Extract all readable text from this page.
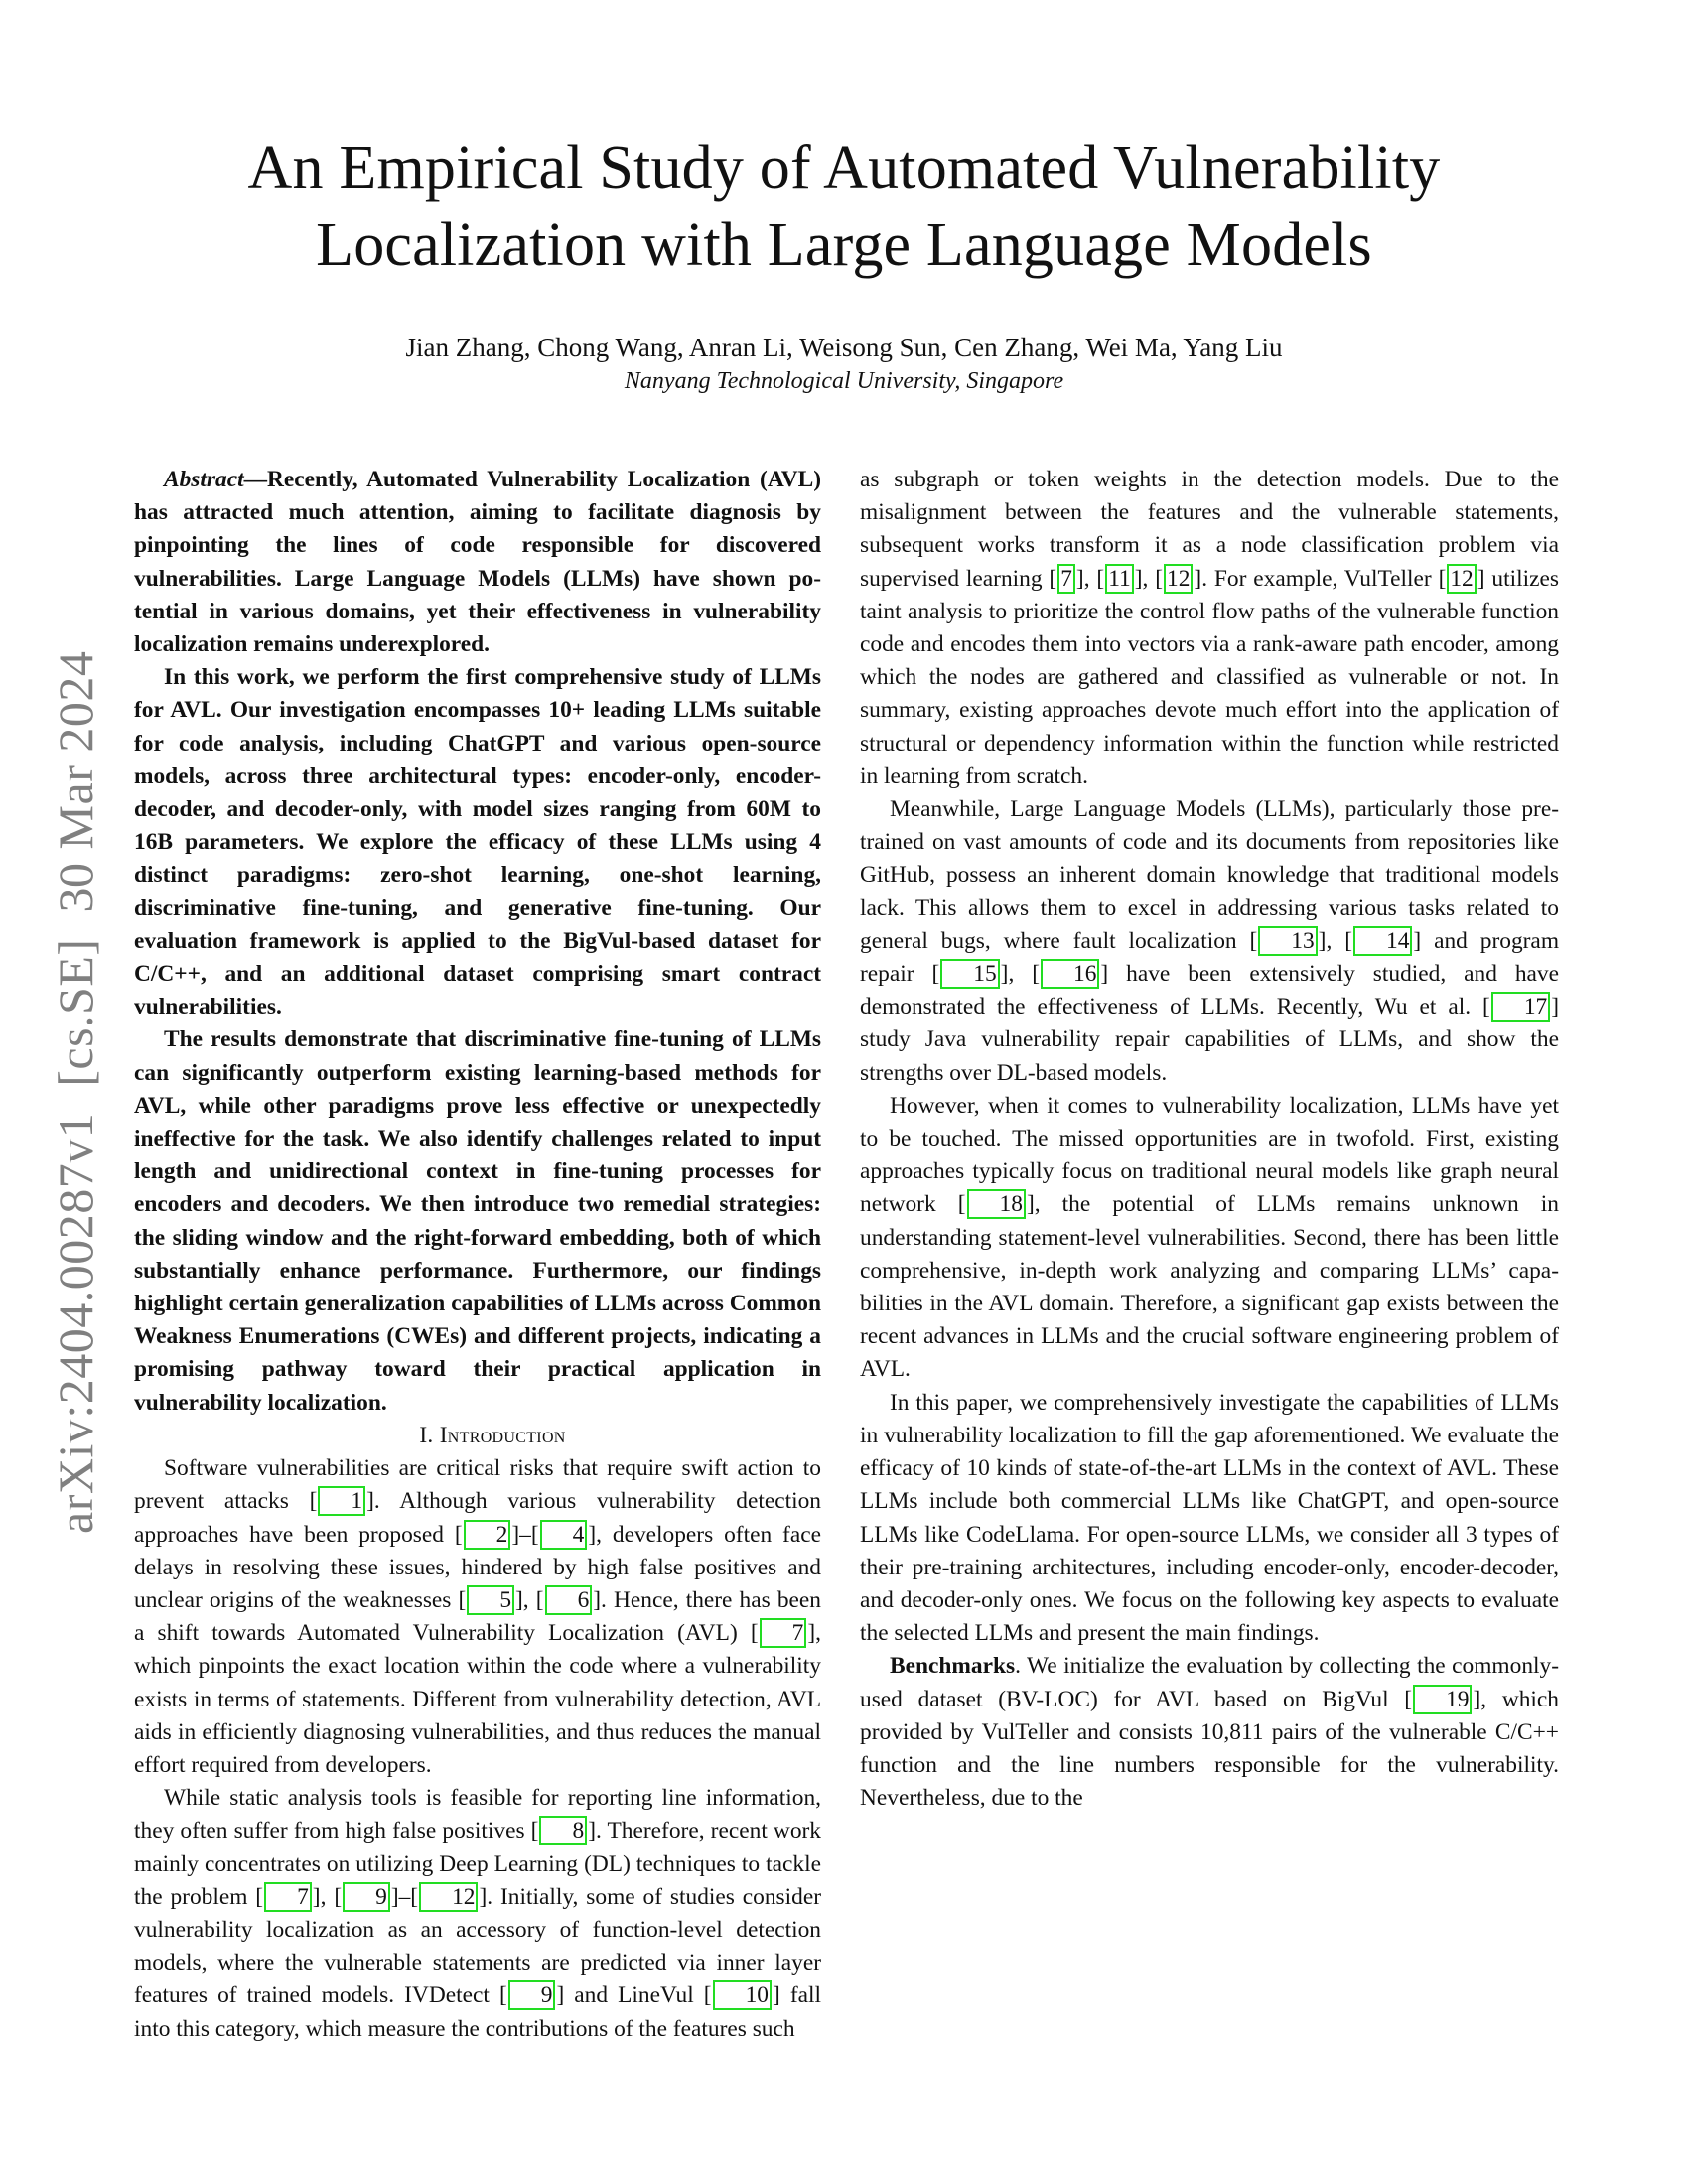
An Empirical Study of Automated Vulnerability
Localization with Large Language Models
Jian Zhang, Chong Wang, Anran Li, Weisong Sun, Cen Zhang, Wei Ma, Yang Liu
Nanyang Technological University, Singapore
arXiv:2404.00287v1[cs.SE]30 Mar 2024

Abstract—Recently, Automated Vulnerability Localization (AVL) has attracted much attention, aiming to facilitate diagnosis by pinpointing the lines of code responsible for discovered vulnerabilities. Large Language Models (LLMs) have shown potential in various domains, yet their effectiveness in vulnerability localization remains underexplored.

In this work, we perform the first comprehensive study of LLMs for AVL. Our investigation encompasses 10+ leading LLMs suitable for code analysis, including ChatGPT and various open-source models, across three architectural types: encoder-only, encoder-decoder, and decoder-only, with model sizes ranging from 60M to 16B parameters. We explore the efficacy of these LLMs using 4 distinct paradigms: zero-shot learning, one-shot learning, discriminative fine-tuning, and generative fine-tuning. Our evaluation framework is applied to the BigVul-based dataset for C/C++, and an additional dataset comprising smart contract vulnerabilities.

The results demonstrate that discriminative fine-tuning of LLMs can significantly outperform existing learning-based methods for AVL, while other paradigms prove less effective or unexpectedly ineffective for the task. We also identify challenges related to input length and unidirectional context in fine-tuning processes for encoders and decoders. We then introduce two remedial strategies: the sliding window and the right-forward embedding, both of which substantially enhance performance. Furthermore, our findings highlight certain generalization capabilities of LLMs across Common Weakness Enumerations (CWEs) and different projects, indicating a promising pathway toward their practical application in vulnerability localization.

I. Introduction

Software vulnerabilities are critical risks that require swift action to prevent attacks [ 1 ]. Although various vulnerability detection approaches have been proposed [ 2 ]–[ 4 ], developers often face delays in resolving these issues, hindered by high false positives and unclear origins of the weaknesses [ 5 ], [ 6 ]. Hence, there has been a shift towards Automated Vulnerability Localization (AVL) [ 7 ], which pinpoints the exact location within the code where a vulnerability exists in terms of statements. Different from vulnerability detection, AVL aids in efficiently diagnosing vulnerabilities, and thus reduces the manual effort required from developers.

While static analysis tools is feasible for reporting line information, they often suffer from high false positives [ 8 ]. Therefore, recent work mainly concentrates on utilizing Deep Learning (DL) techniques to tackle the problem [ 7 ], [ 9 ]–[ 12 ]. Initially, some of studies consider vulnerability localization as an accessory of function-level detection models, where the vulnerable statements are predicted via inner layer features of trained models. IVDetect [ 9 ] and LineVul [ 10 ] fall into this category, which measure the contributions of the features such

as subgraph or token weights in the detection models. Due to the misalignment between the features and the vulnerable statements, subsequent works transform it as a node classification problem via supervised learning [ 7 ], [ 11 ], [ 12 ]. For example, VulTeller [ 12 ] utilizes taint analysis to prioritize the control flow paths of the vulnerable function code and encodes them into vectors via a rank-aware path encoder, among which the nodes are gathered and classified as vulnerable or not. In summary, existing approaches devote much effort into the application of structural or dependency information within the function while restricted in learning from scratch.

Meanwhile, Large Language Models (LLMs), particularly those pre-trained on vast amounts of code and its documents from repositories like GitHub, possess an inherent domain knowledge that traditional models lack. This allows them to excel in addressing various tasks related to general bugs, where fault localization [ 13 ], [ 14 ] and program repair [ 15 ], [ 16 ] have been extensively studied, and have demonstrated the effectiveness of LLMs. Recently, Wu et al. [ 17 ] study Java vulnerability repair capabilities of LLMs, and show the strengths over DL-based models.

However, when it comes to vulnerability localization, LLMs have yet to be touched. The missed opportunities are in twofold. First, existing approaches typically focus on traditional neural models like graph neural network [ 18 ], the potential of LLMs remains unknown in understanding statement-level vulnerabilities. Second, there has been little comprehensive, in-depth work analyzing and comparing LLMs’ capabilities in the AVL domain. Therefore, a significant gap exists between the recent advances in LLMs and the crucial software engineering problem of AVL.

In this paper, we comprehensively investigate the capabilities of LLMs in vulnerability localization to fill the gap aforementioned. We evaluate the efficacy of 10 kinds of state-of-the-art LLMs in the context of AVL. These LLMs include both commercial LLMs like ChatGPT, and open-source LLMs like CodeLlama. For open-source LLMs, we consider all 3 types of their pre-training architectures, including encoder-only, encoder-decoder, and decoder-only ones. We focus on the following key aspects to evaluate the selected LLMs and present the main findings.

Benchmarks. We initialize the evaluation by collecting the commonly-used dataset (BV-LOC) for AVL based on BigVul [ 19 ], which provided by VulTeller and consists 10,811 pairs of the vulnerable C/C++ function and the line numbers responsible for the vulnerability. Nevertheless, due to the
